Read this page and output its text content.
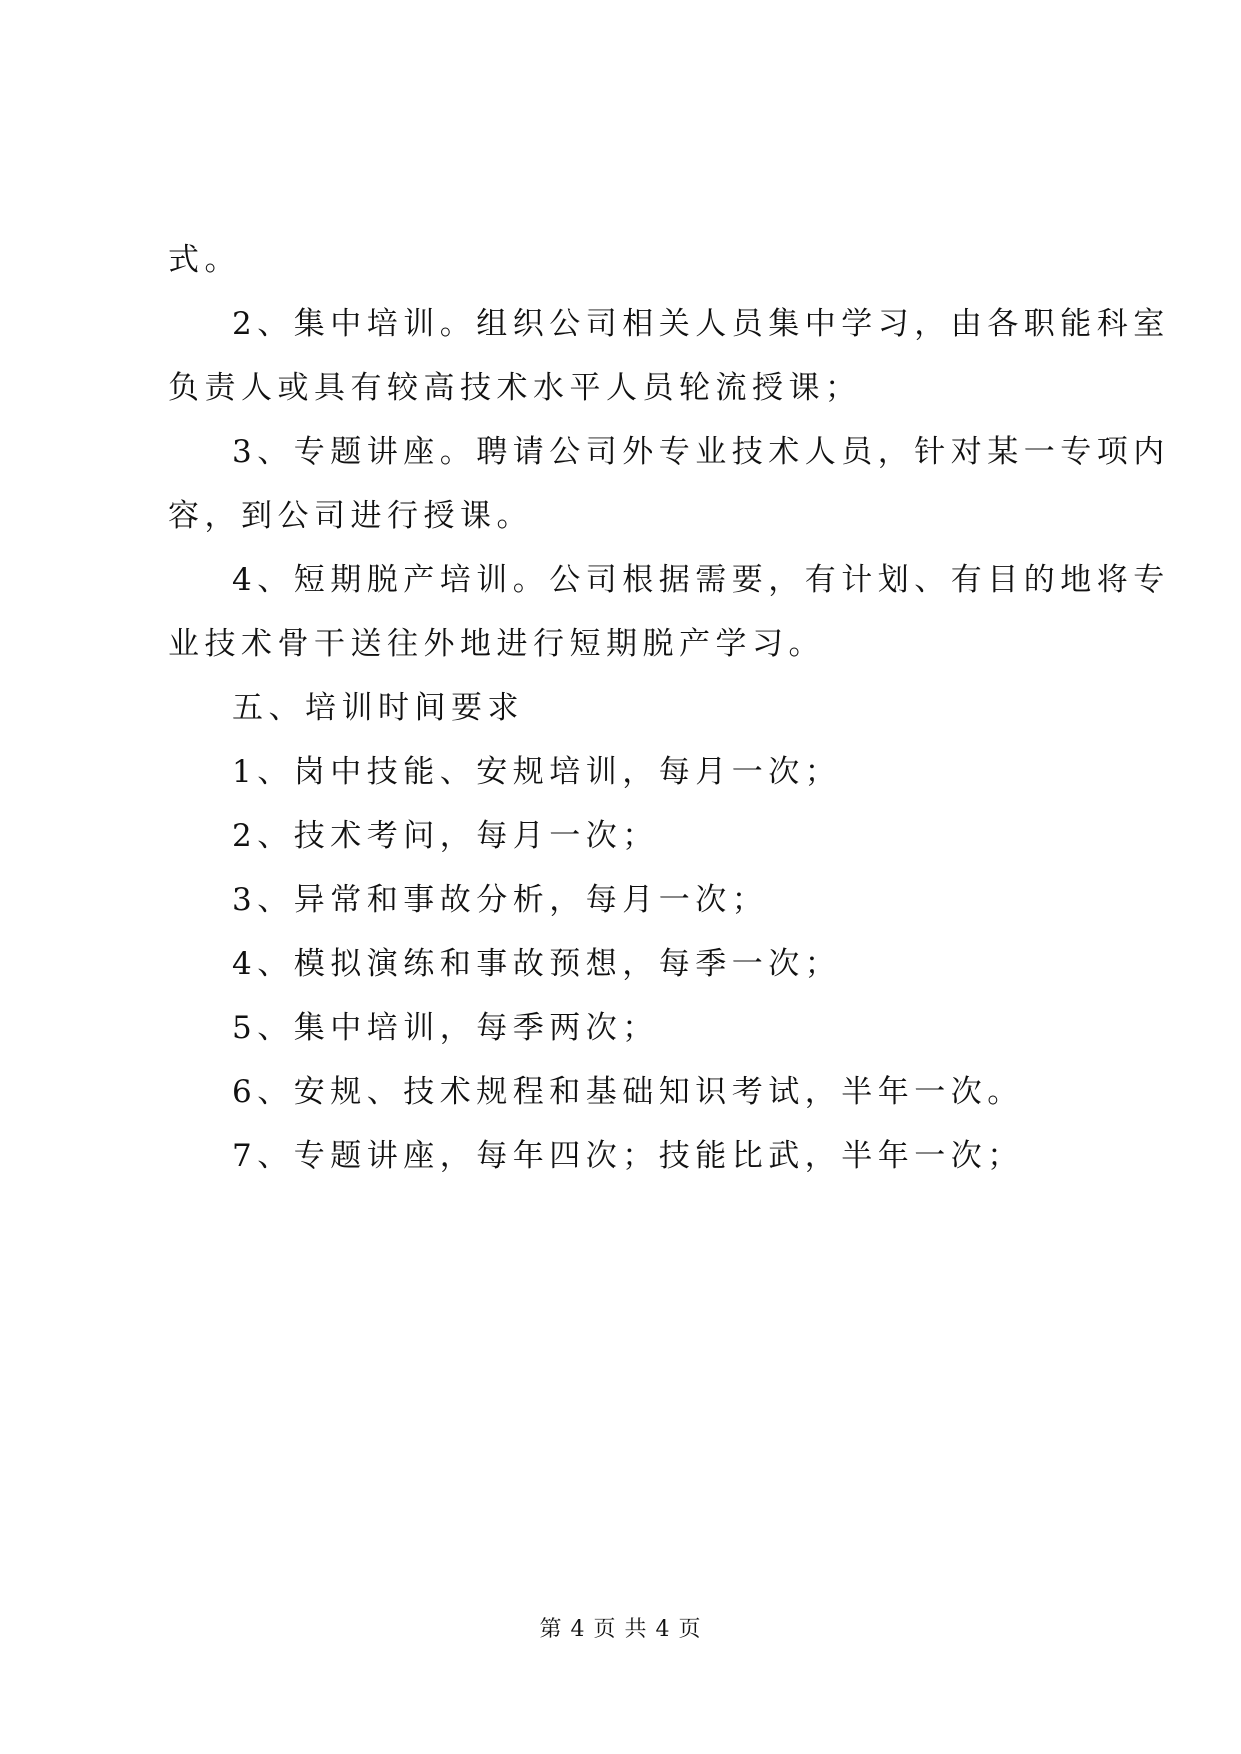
式。
2、集中培训。组织公司相关人员集中学习，由各职能科室
负责人或具有较高技术水平人员轮流授课；
3、专题讲座。聘请公司外专业技术人员，针对某一专项内
容，到公司进行授课。
4、短期脱产培训。公司根据需要，有计划、有目的地将专
业技术骨干送往外地进行短期脱产学习。
五、培训时间要求
1、岗中技能、安规培训，每月一次；
2、技术考问，每月一次；
3、异常和事故分析，每月一次；
4、模拟演练和事故预想，每季一次；
5、集中培训，每季两次；
6、安规、技术规程和基础知识考试，半年一次。
7、专题讲座，每年四次；技能比武，半年一次；
第 4 页 共 4 页
